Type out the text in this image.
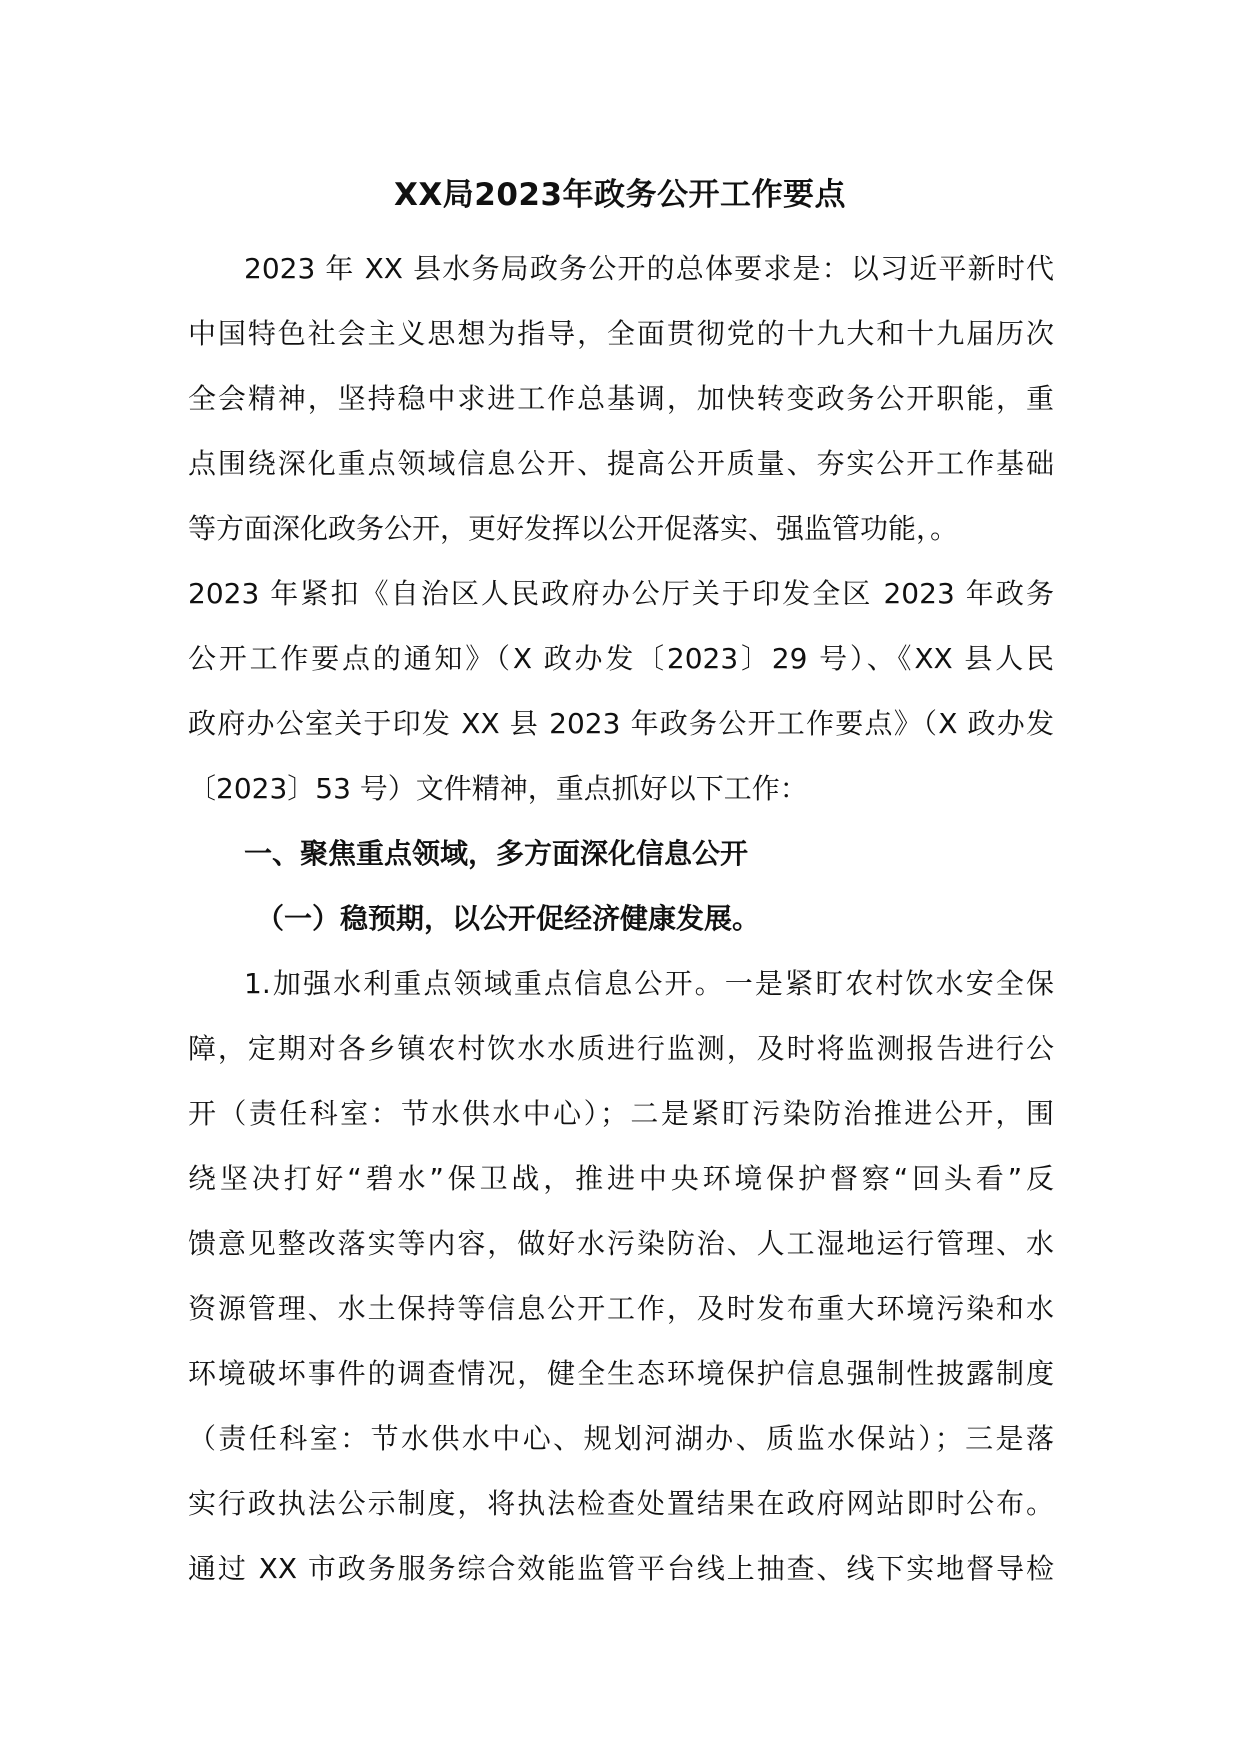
XX局2023年政务公开工作要点
2023 年 XX 县水务局政务公开的总体要求是：以习近平新时代
中国特色社会主义思想为指导，全面贯彻党的十九大和十九届历次
全会精神，坚持稳中求进工作总基调，加快转变政务公开职能，重
点围绕深化重点领域信息公开、提高公开质量、夯实公开工作基础
等方面深化政务公开，更好发挥以公开促落实、强监管功能，。
2023 年紧扣《自治区人民政府办公厅关于印发全区 2023 年政务
公开工作要点的通知》（X 政办发〔2023〕29 号）、《XX 县人民
政府办公室关于印发 XX 县 2023 年政务公开工作要点》（X 政办发
〔2023〕53 号）文件精神，重点抓好以下工作：
一、聚焦重点领域，多方面深化信息公开
（一）稳预期，以公开促经济健康发展。
1.加强水利重点领域重点信息公开。一是紧盯农村饮水安全保
障，定期对各乡镇农村饮水水质进行监测，及时将监测报告进行公
开（责任科室：节水供水中心）；二是紧盯污染防治推进公开，围
绕坚决打好“碧水”保卫战，推进中央环境保护督察“回头看”反
馈意见整改落实等内容，做好水污染防治、人工湿地运行管理、水
资源管理、水土保持等信息公开工作，及时发布重大环境污染和水
环境破坏事件的调查情况，健全生态环境保护信息强制性披露制度
（责任科室：节水供水中心、规划河湖办、质监水保站）；三是落
实行政执法公示制度，将执法检查处置结果在政府网站即时公布。
通过 XX 市政务服务综合效能监管平台线上抽查、线下实地督导检
